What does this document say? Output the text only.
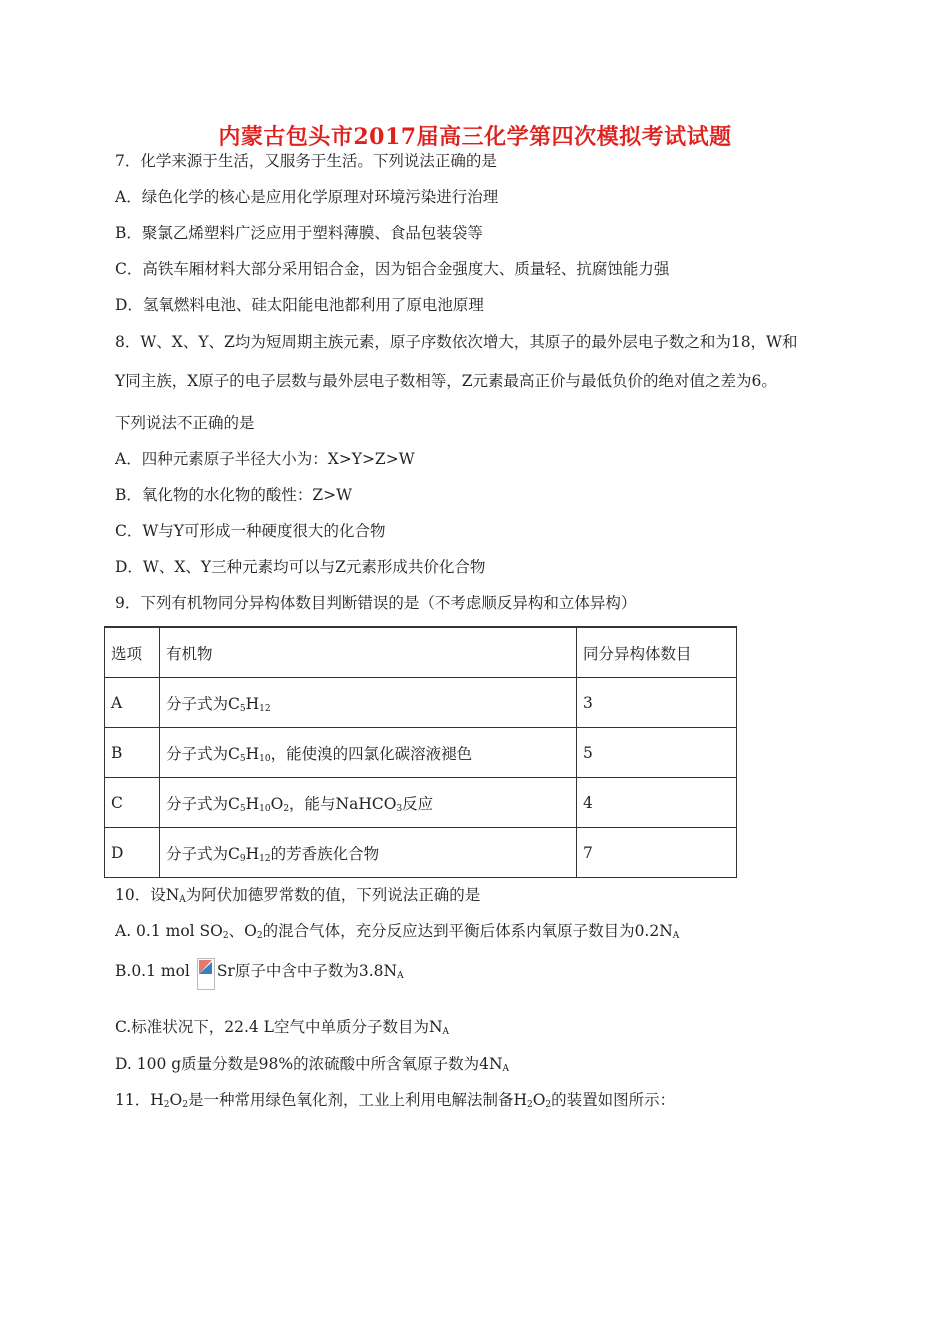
内蒙古包头市2017届高三化学第四次模拟考试试题
7．化学来源于生活，又服务于生活。下列说法正确的是
A．绿色化学的核心是应用化学原理对环境污染进行治理
B．聚氯乙烯塑料广泛应用于塑料薄膜、食品包装袋等
C．高铁车厢材料大部分采用铝合金，因为铝合金强度大、质量轻、抗腐蚀能力强
D．氢氧燃料电池、硅太阳能电池都利用了原电池原理
8．W、X、Y、Z均为短周期主族元素，原子序数依次增大，其原子的最外层电子数之和为18，W和
Y同主族，X原子的电子层数与最外层电子数相等，Z元素最高正价与最低负价的绝对值之差为6。
下列说法不正确的是
A．四种元素原子半径大小为：X>Y>Z>W
B．氧化物的水化物的酸性：Z>W
C．W与Y可形成一种硬度很大的化合物
D．W、X、Y三种元素均可以与Z元素形成共价化合物
9．下列有机物同分异构体数目判断错误的是（不考虑顺反异构和立体异构）
选项	有机物	同分异构体数目
A	分子式为$C_5H_{12}$	3
B	分子式为$C_5H_{10}$，能使溴的四氯化碳溶液褪色	5
C	分子式为$C_5H_{10}O_2$，能与NaHCO$_3$反应	4
D	分子式为$C_9H_{12}$的芳香族化合物	7
10．设$N_A$为阿伏加德罗常数的值，下列说法正确的是
A. 0.1 mol $SO_2$、$O_2$的混合气体，充分反应达到平衡后体系内氧原子数目为$0.2N_A$
B.0.1 mol
Sr原子中含中子数为$3.8N_A$
C.标准状况下，22.4 L空气中单质分子数目为$N_A$
D. 100 g质量分数是98%的浓硫酸中所含氧原子数为$4N_A$
11．$H_2O_2$是一种常用绿色氧化剂，工业上利用电解法制备$H_2O_2$的装置如图所示：
